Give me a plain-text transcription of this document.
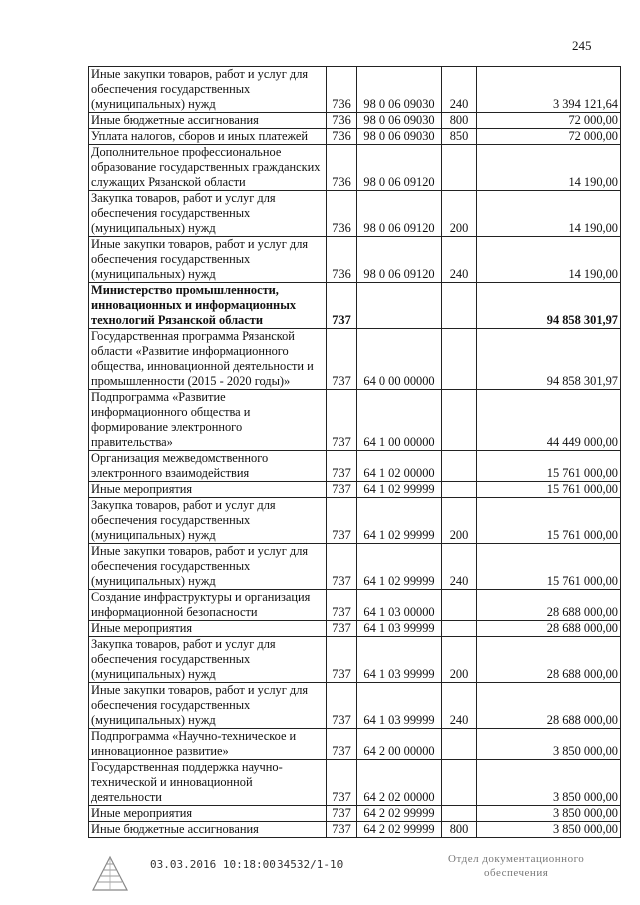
245
Иные закупки товаров, работ и услуг для обеспечения государственных (муниципальных) нужд	736	98 0 06 09030	240	3 394 121,64
Иные бюджетные ассигнования	736	98 0 06 09030	800	72 000,00
Уплата налогов, сборов и иных платежей	736	98 0 06 09030	850	72 000,00
Дополнительное профессиональное образование государственных гражданских служащих Рязанской области	736	98 0 06 09120		14 190,00
Закупка товаров, работ и услуг для обеспечения государственных (муниципальных) нужд	736	98 0 06 09120	200	14 190,00
Иные закупки товаров, работ и услуг для обеспечения государственных (муниципальных) нужд	736	98 0 06 09120	240	14 190,00
Министерство промышленности, инновационных и информационных технологий Рязанской области	737			94 858 301,97
Государственная программа Рязанской области «Развитие информационного общества, инновационной деятельности и промышленности (2015 - 2020 годы)»	737	64 0 00 00000		94 858 301,97
Подпрограмма «Развитие информационного общества и формирование электронного правительства»	737	64 1 00 00000		44 449 000,00
Организация межведомственного электронного взаимодействия	737	64 1 02 00000		15 761 000,00
Иные мероприятия	737	64 1 02 99999		15 761 000,00
Закупка товаров, работ и услуг для обеспечения государственных (муниципальных) нужд	737	64 1 02 99999	200	15 761 000,00
Иные закупки товаров, работ и услуг для обеспечения государственных (муниципальных) нужд	737	64 1 02 99999	240	15 761 000,00
Создание инфраструктуры и организация информационной безопасности	737	64 1 03 00000		28 688 000,00
Иные мероприятия	737	64 1 03 99999		28 688 000,00
Закупка товаров, работ и услуг для обеспечения государственных (муниципальных) нужд	737	64 1 03 99999	200	28 688 000,00
Иные закупки товаров, работ и услуг для обеспечения государственных (муниципальных) нужд	737	64 1 03 99999	240	28 688 000,00
Подпрограмма «Научно-техническое и инновационное развитие»	737	64 2 00 00000		3 850 000,00
Государственная поддержка научно-технической и инновационной деятельности	737	64 2 02 00000		3 850 000,00
Иные мероприятия	737	64 2 02 99999		3 850 000,00
Иные бюджетные ассигнования	737	64 2 02 99999	800	3 850 000,00
03.03.2016 10:18:00 34532/1-10	Отдел документационного
обеспечения
